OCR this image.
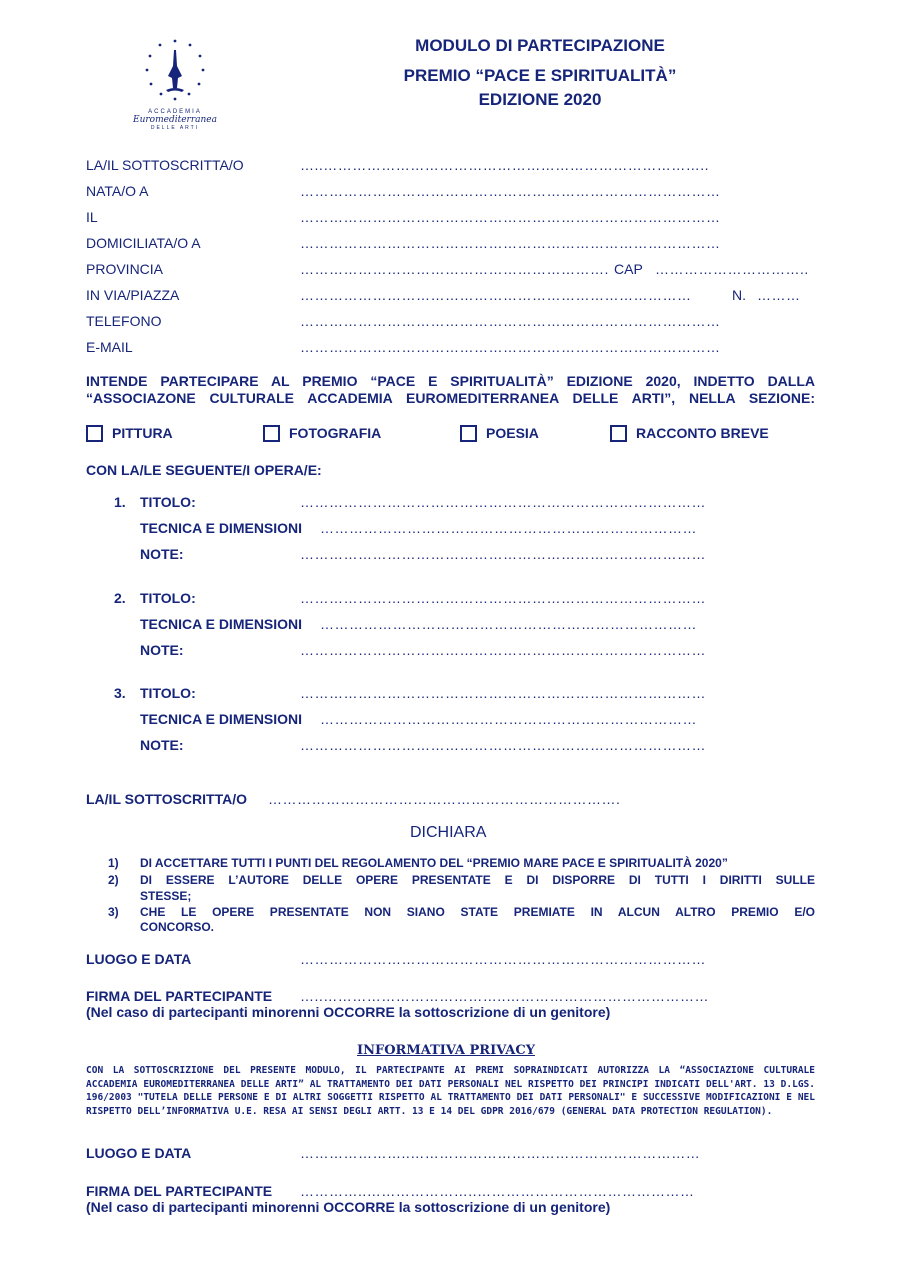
ACCADEMIA
Euromediterranea
DELLE ARTI
MODULO DI PARTECIPAZIONE
PREMIO “PACE E SPIRITUALITÀ”
EDIZIONE 2020
LA/IL SOTTOSCRITTA/O	…..……………………………………………………………………..
NATA/O A	……………………………………………………………………………
IL	……………………………………………………………………………
DOMICILIATA/O A	……………………………………………………………………………
PROVINCIA	………………………………………………………. CAP …………………………..
IN VIA/PIAZZA	………………………………………………………………………	N. ………
TELEFONO	……………………………………………………………………………
E-MAIL	……………………………………………………………………………
INTENDE PARTECIPARE AL PREMIO “PACE E SPIRITUALITÀ” EDIZIONE 2020, INDETTO DALLA
“ASSOCIAZONE CULTURALE ACCADEMIA EUROMEDITERRANEA DELLE ARTI”, NELLA SEZIONE:
PITTURA	FOTOGRAFIA	POESIA	RACCONTO BREVE
CON LA/LE SEGUENTE/I OPERA/E:
1. TITOLO:	…………………………………………………………………………
TECNICA E DIMENSIONI ……………………………………………………………………
NOTE:	…………………………………………………………………………
2. TITOLO:	…………………………………………………………………………
TECNICA E DIMENSIONI ……………………………………………………………………
NOTE:	…………………………………………………………………………
3. TITOLO:	…………………………………………………………………………
TECNICA E DIMENSIONI ……………………………………………………………………
NOTE:	…………………………………………………………………………
LA/IL SOTTOSCRITTA/O ……………………………………………………………….
DICHIARA
1) DI ACCETTARE TUTTI I PUNTI DEL REGOLAMENTO DEL “PREMIO MARE PACE E SPIRITUALITÀ 2020”
2) DI ESSERE L’AUTORE DELLE OPERE PRESENTATE E DI DISPORRE DI TUTTI I DIRITTI SULLE
STESSE;
3) CHE LE OPERE PRESENTATE NON SIANO STATE PREMIATE IN ALCUN ALTRO PREMIO E/O
CONCORSO.
LUOGO E DATA	…………………………………………………………………………
FIRMA DEL PARTECIPANTE …..………………………………..……………………………………
(Nel caso di partecipanti minorenni OCCORRE la sottoscrizione di un genitore)
INFORMATIVA PRIVACY
CON LA SOTTOSCRIZIONE DEL PRESENTE MODULO, IL PARTECIPANTE AI PREMI SOPRAINDICATI AUTORIZZA LA “ASSOCIAZIONE CULTURALE ACCADEMIA EUROMEDITERRANEA DELLE ARTI” AL TRATTAMENTO DEI DATI PERSONALI NEL RISPETTO DEI PRINCIPI INDICATI DELL'ART. 13 D.LGS. 196/2003 "TUTELA DELLE PERSONE E DI ALTRI SOGGETTI RISPETTO AL TRATTAMENTO DEI DATI PERSONALI" E SUCCESSIVE MODIFICAZIONI E NEL RISPETTO DELL’INFORMATIVA U.E. RESA AI SENSI DEGLI ARTT. 13 E 14 DEL GDPR 2016/679 (GENERAL DATA PROTECTION REGULATION).
LUOGO E DATA	…………………..……………………………………………………
FIRMA DEL PARTECIPANTE …………..…………………..………………………………………
(Nel caso di partecipanti minorenni OCCORRE la sottoscrizione di un genitore)
